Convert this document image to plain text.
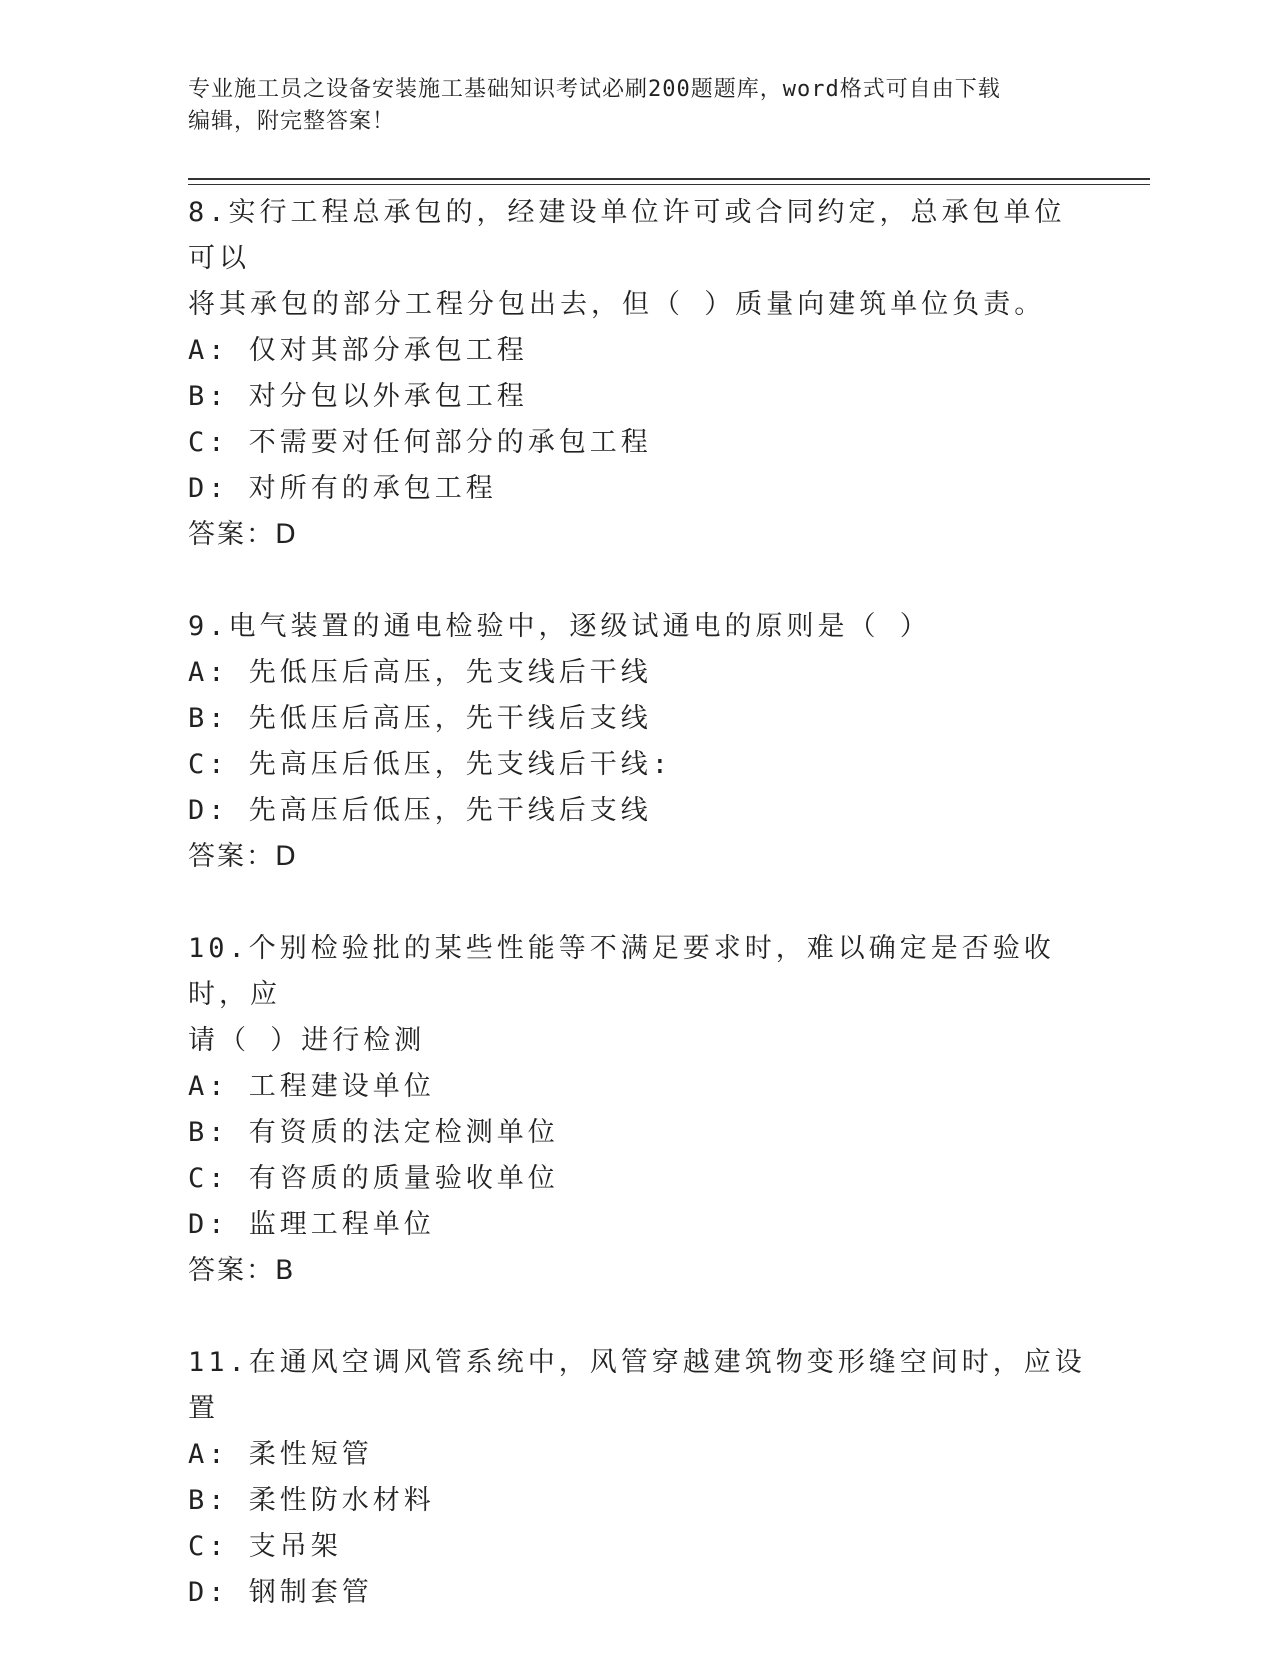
专业施工员之设备安装施工基础知识考试必刷200题题库，word格式可自由下载
编辑，附完整答案！

8.实行工程总承包的，经建设单位许可或合同约定，总承包单位可以

将其承包的部分工程分包出去，但（ ）质量向建筑单位负责。

A: 仅对其部分承包工程

B: 对分包以外承包工程

C: 不需要对任何部分的承包工程

D: 对所有的承包工程

答案：D

9.电气装置的通电检验中，逐级试通电的原则是（ ）

A: 先低压后高压，先支线后干线

B: 先低压后高压，先干线后支线

C: 先高压后低压，先支线后干线:

D: 先高压后低压，先干线后支线

答案：D

10.个别检验批的某些性能等不满足要求时，难以确定是否验收时，应

请（ ）进行检测

A: 工程建设单位

B: 有资质的法定检测单位

C: 有咨质的质量验收单位

D: 监理工程单位

答案：B

11.在通风空调风管系统中，风管穿越建筑物变形缝空间时，应设置

A: 柔性短管

B: 柔性防水材料

C: 支吊架

D: 钢制套管
